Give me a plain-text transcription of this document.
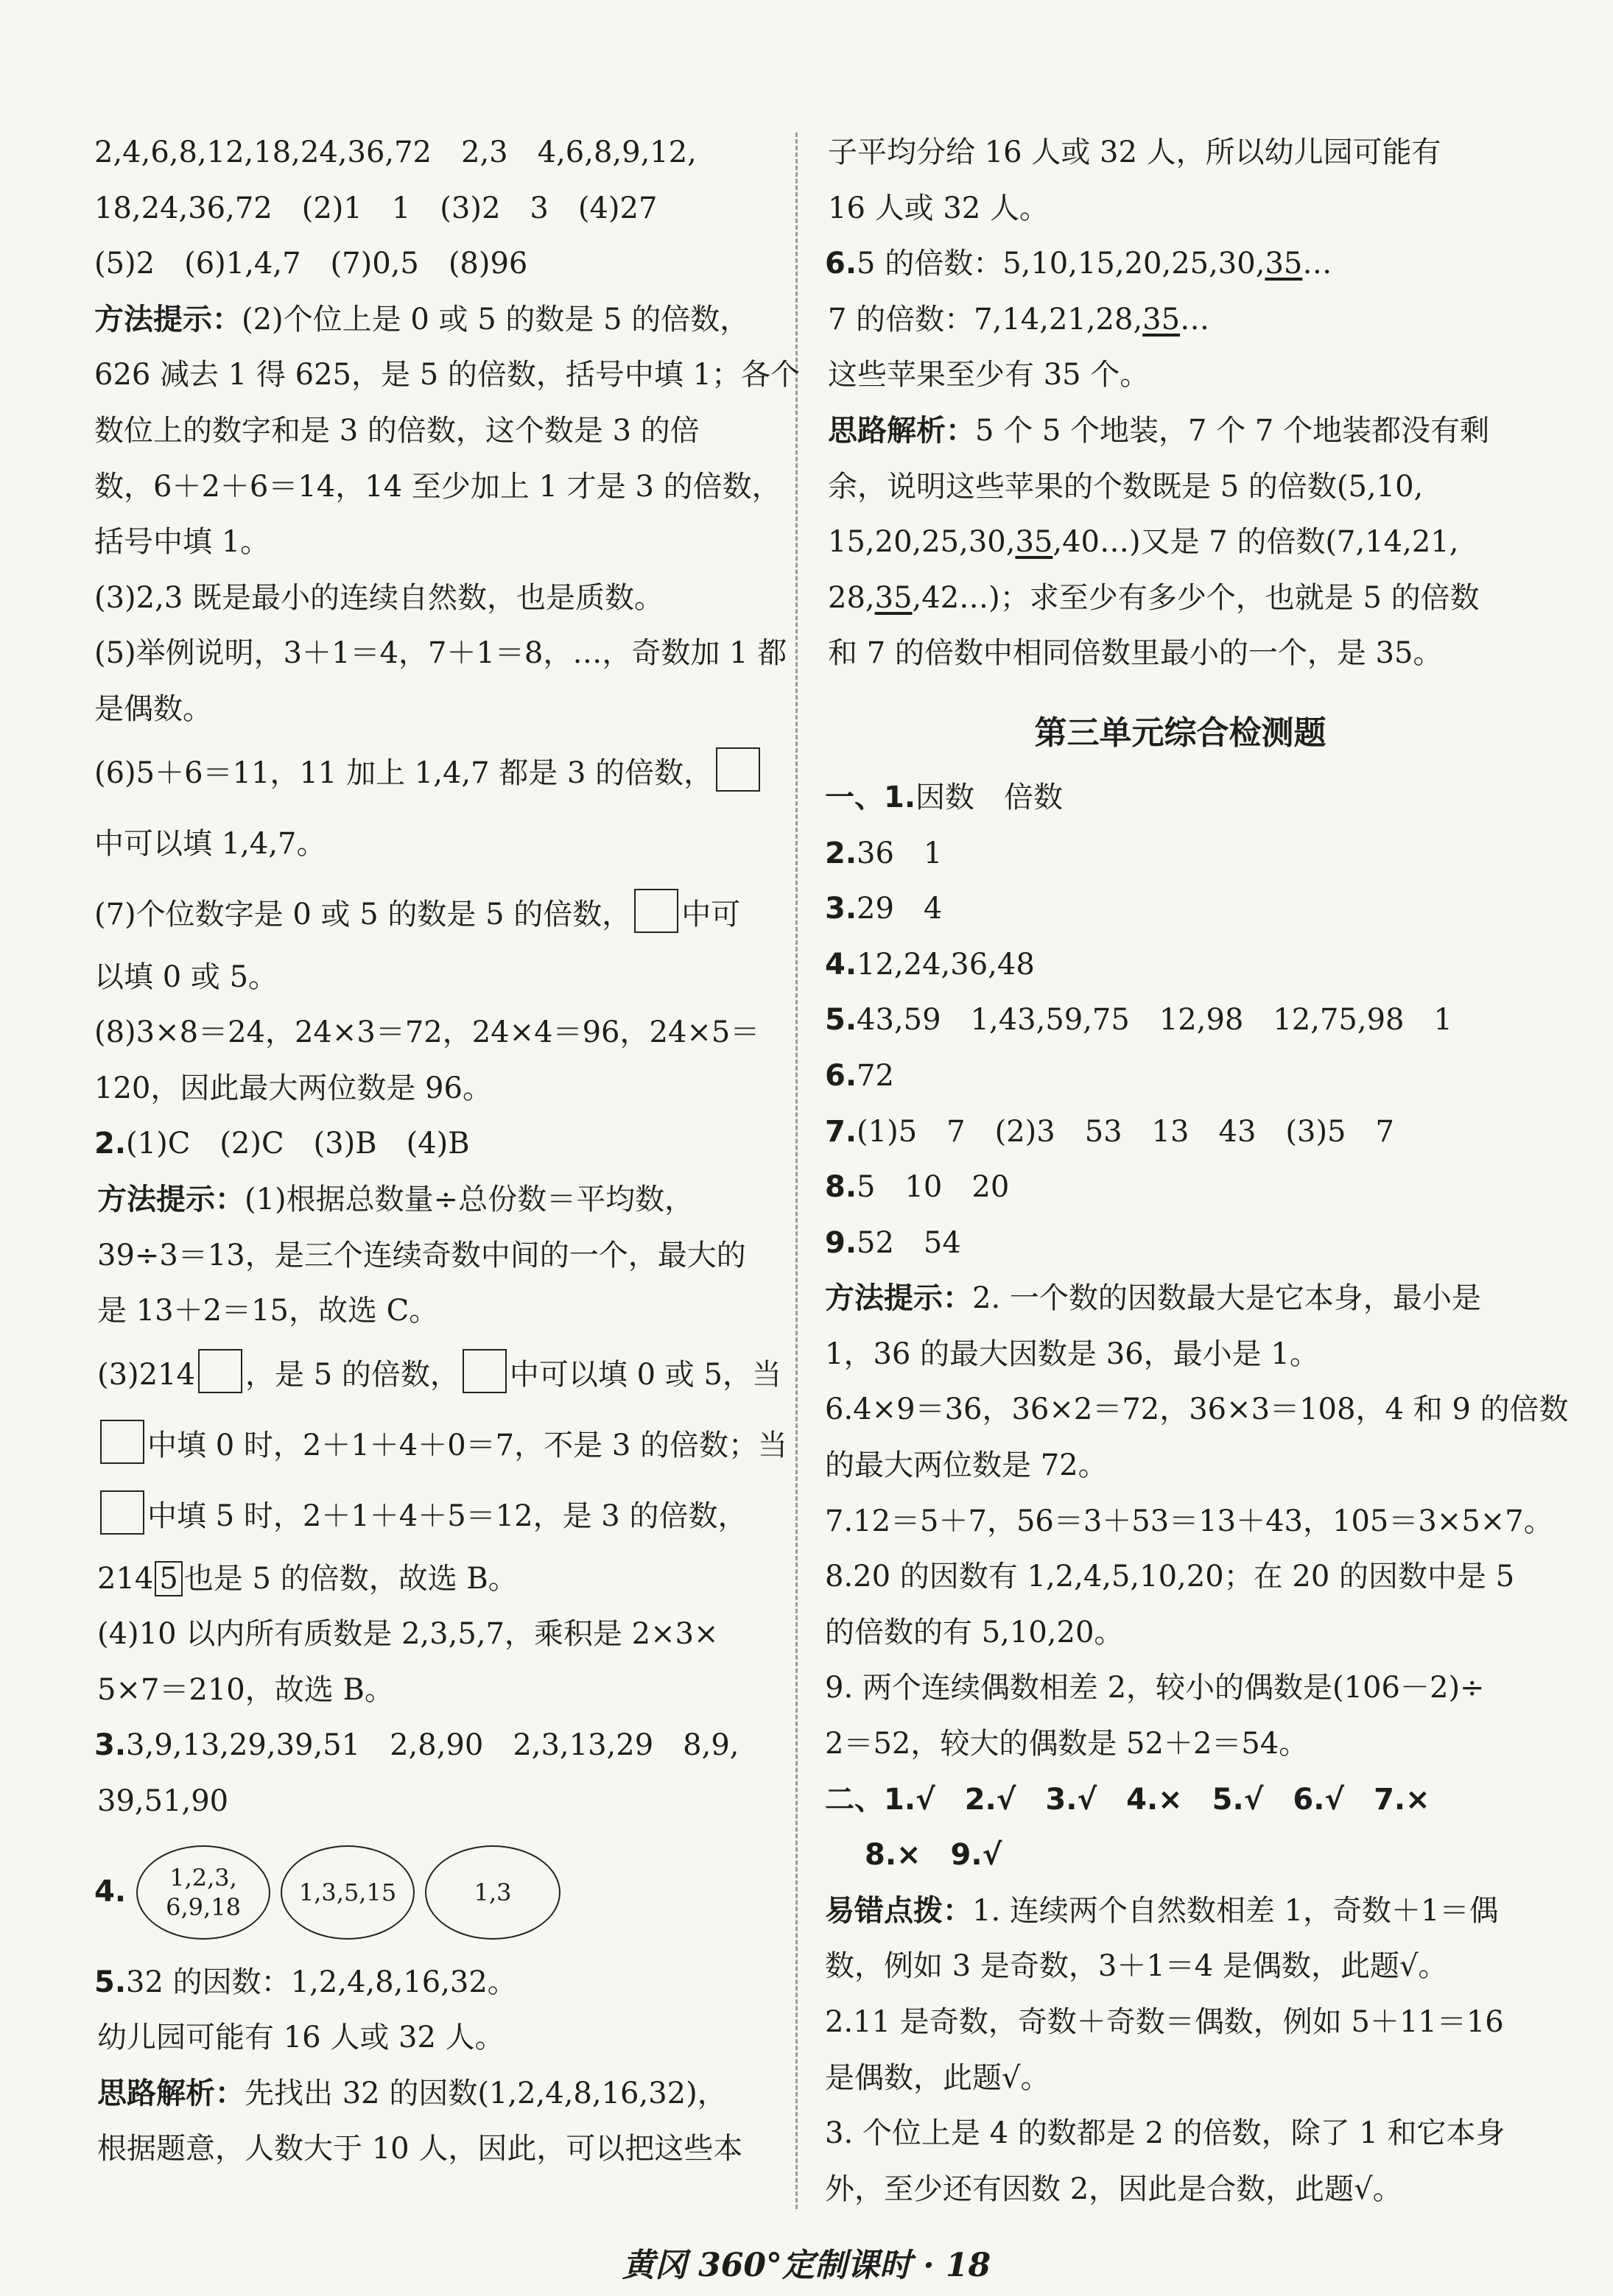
2,4,6,8,12,18,24,36,72　2,3　4,6,8,9,12,
18,24,36,72　(2)1　1　(3)2　3　(4)27
(5)2　(6)1,4,7　(7)0,5　(8)96
方法提示：(2)个位上是 0 或 5 的数是 5 的倍数，
626 减去 1 得 625，是 5 的倍数，括号中填 1；各个
数位上的数字和是 3 的倍数，这个数是 3 的倍
数，6＋2＋6＝14，14 至少加上 1 才是 3 的倍数，
括号中填 1。
(3)2,3 既是最小的连续自然数，也是质数。
(5)举例说明，3＋1＝4，7＋1＝8，…，奇数加 1 都
是偶数。
(6)5＋6＝11，11 加上 1,4,7 都是 3 的倍数，
中可以填 1,4,7。
(7)个位数字是 0 或 5 的数是 5 的倍数， 中可
以填 0 或 5。
(8)3×8＝24，24×3＝72，24×4＝96，24×5＝
120，因此最大两位数是 96。
2.(1)C　(2)C　(3)B　(4)B
方法提示：(1)根据总数量÷总份数＝平均数，
39÷3＝13，是三个连续奇数中间的一个，最大的
是 13＋2＝15，故选 C。
(3)214 ，是 5 的倍数， 中可以填 0 或 5，当
中填 0 时，2＋1＋4＋0＝7，不是 3 的倍数；当
中填 5 时，2＋1＋4＋5＝12，是 3 的倍数，
214 5 也是 5 的倍数，故选 B。
(4)10 以内所有质数是 2,3,5,7，乘积是 2×3×
5×7＝210，故选 B。
3.3,9,13,29,39,51　2,8,90　2,3,13,29　8,9,
39,51,90
4. 1,2,3,
6,9,18
1,3,5,15	1,3
5.32 的因数：1,2,4,8,16,32。
幼儿园可能有 16 人或 32 人。
思路解析：先找出 32 的因数(1,2,4,8,16,32)，
根据题意，人数大于 10 人，因此，可以把这些本
子平均分给 16 人或 32 人，所以幼儿园可能有
16 人或 32 人。
6.5 的倍数：5,10,15,20,25,30,35…
7 的倍数：7,14,21,28,35…
这些苹果至少有 35 个。
思路解析：5 个 5 个地装，7 个 7 个地装都没有剩
余，说明这些苹果的个数既是 5 的倍数(5,10,
15,20,25,30,35,40…)又是 7 的倍数(7,14,21,
28,35,42…)；求至少有多少个，也就是 5 的倍数
和 7 的倍数中相同倍数里最小的一个，是 35。
第三单元综合检测题
一、1.因数　倍数
2.36　1
3.29　4
4.12,24,36,48
5.43,59　1,43,59,75　12,98　12,75,98　1
6.72
7.(1)5　7　(2)3　53　13　43　(3)5　7
8.5　10　20
9.52　54
方法提示：2. 一个数的因数最大是它本身，最小是
1，36 的最大因数是 36，最小是 1。
6.4×9＝36，36×2＝72，36×3＝108，4 和 9 的倍数
的最大两位数是 72。
7.12＝5＋7，56＝3＋53＝13＋43，105＝3×5×7。
8.20 的因数有 1,2,4,5,10,20；在 20 的因数中是 5
的倍数的有 5,10,20。
9. 两个连续偶数相差 2，较小的偶数是(106－2)÷
2＝52，较大的偶数是 52＋2＝54。
二、1.√　2.√　3.√　4.×　5.√　6.√　7.×
8.×　9.√
易错点拨：1. 连续两个自然数相差 1，奇数＋1＝偶
数，例如 3 是奇数，3＋1＝4 是偶数，此题√。
2.11 是奇数，奇数＋奇数＝偶数，例如 5＋11＝16
是偶数，此题√。
3. 个位上是 4 的数都是 2 的倍数，除了 1 和它本身
外，至少还有因数 2，因此是合数，此题√。
黄冈 360°定制课时 · 18
